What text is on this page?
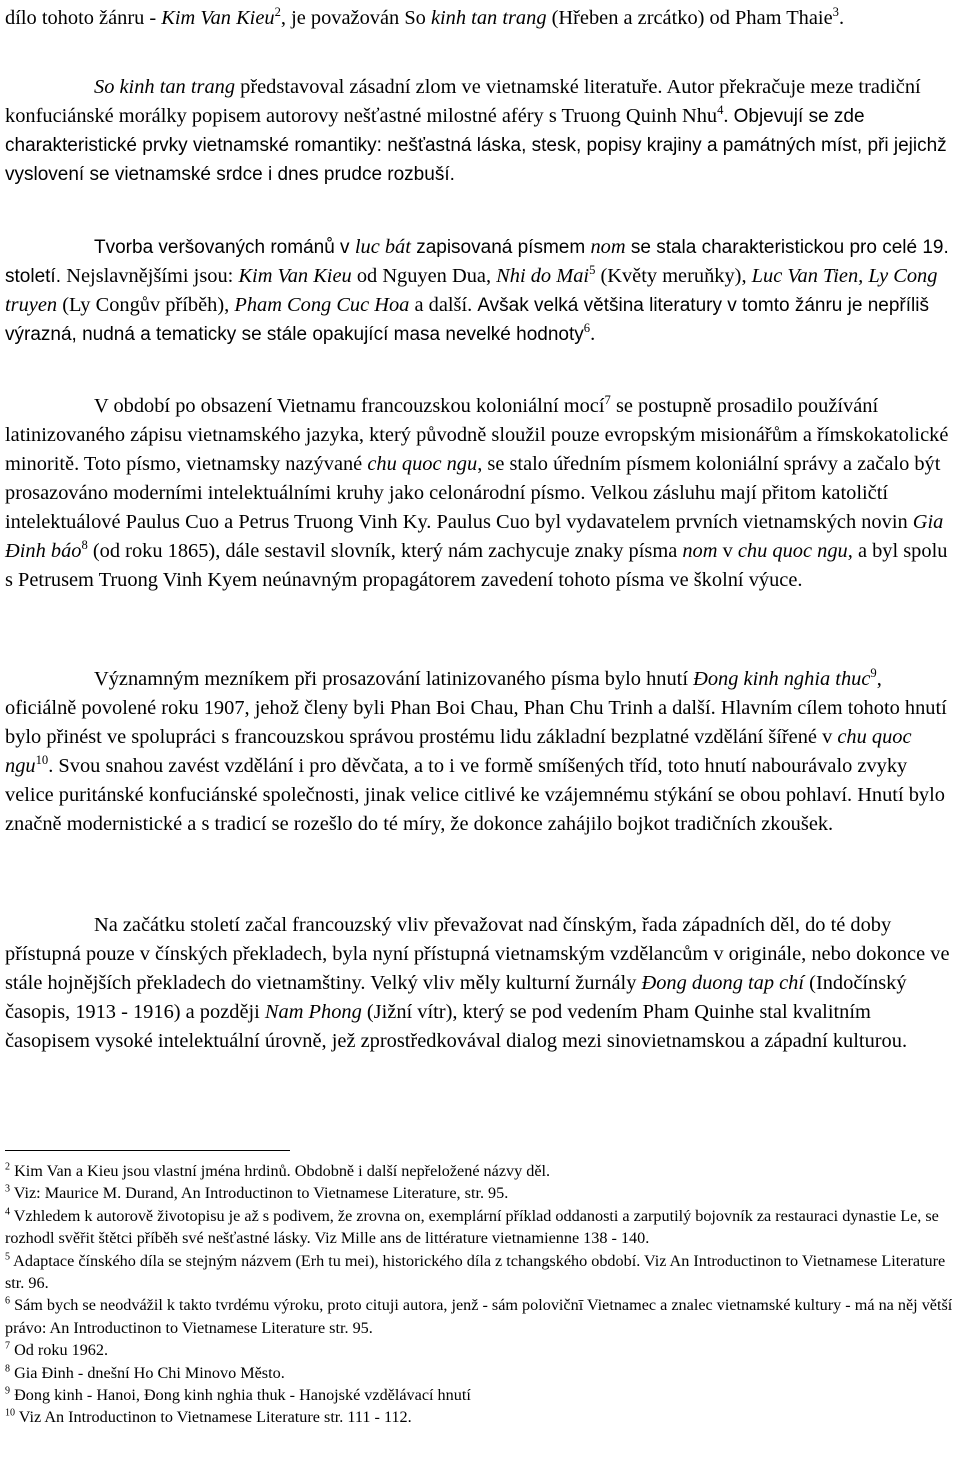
dílo tohoto žánru - Kim Van Kieu$^2$, je považován So kinh tan trang (Hřeben a zrcátko) od Pham Thaie$^3$.

So kinh tan trang představoval zásadní zlom ve vietnamské literatuře. Autor překračuje meze tradiční konfuciánské morálky popisem autorovy nešťastné milostné aféry s Truong Quinh Nhu$^4$. Objevují se zde charakteristické prvky vietnamské romantiky: nešťastná láska, stesk, popisy krajiny a památných míst, při jejichž vyslovení se vietnamské srdce i dnes prudce rozbuší.

Tvorba veršovaných románů v luc bát zapisovaná písmem nom se stala charakteristickou pro celé 19. století. Nejslavnějšími jsou: Kim Van Kieu od Nguyen Dua, Nhi do Mai$^5$ (Květy meruňky), Luc Van Tien, Ly Cong truyen (Ly Congův příběh), Pham Cong Cuc Hoa a další. Avšak velká většina literatury v tomto žánru je nepříliš výrazná, nudná a tematicky se stále opakující masa nevelké hodnoty$^6$.

V období po obsazení Vietnamu francouzskou koloniální mocí$^7$ se postupně prosadilo používání latinizovaného zápisu vietnamského jazyka, který původně sloužil pouze evropským misionářům a římskokatolické minoritě. Toto písmo, vietnamsky nazývané chu quoc ngu, se stalo úředním písmem koloniální správy a začalo být prosazováno moderními intelektuálními kruhy jako celonárodní písmo. Velkou zásluhu mají přitom katoličtí intelektuálové Paulus Cuo a Petrus Truong Vinh Ky. Paulus Cuo byl vydavatelem prvních vietnamských novin Gia Đinh báo$^8$ (od roku 1865), dále sestavil slovník, který nám zachycuje znaky písma nom v chu quoc ngu, a byl spolu s Petrusem Truong Vinh Kyem neúnavným propagátorem zavedení tohoto písma ve školní výuce.

Významným mezníkem při prosazování latinizovaného písma bylo hnutí Đong kinh nghia thuc$^9$, oficiálně povolené roku 1907, jehož členy byli Phan Boi Chau, Phan Chu Trinh a další. Hlavním cílem tohoto hnutí bylo přinést ve spolupráci s francouzskou správou prostému lidu základní bezplatné vzdělání šířené v chu quoc ngu$^{10}$. Svou snahou zavést vzdělání i pro děvčata, a to i ve formě smíšených tříd, toto hnutí nabourávalo zvyky velice puritánské konfuciánské společnosti, jinak velice citlivé ke vzájemnému stýkání se obou pohlaví. Hnutí bylo značně modernistické a s tradicí se rozešlo do té míry, že dokonce zahájilo bojkot tradičních zkoušek.

Na začátku století začal francouzský vliv převažovat nad čínským, řada západních děl, do té doby přístupná pouze v čínských překladech, byla nyní přístupná vietnamským vzdělancům v originále, nebo dokonce ve stále hojnějších překladech do vietnamštiny. Velký vliv měly kulturní žurnály Đong duong tap chí (Indočínský časopis, 1913 - 1916) a později Nam Phong (Jižní vítr), který se pod vedením Pham Quinhe stal kvalitním časopisem vysoké intelektuální úrovně, jež zprostředkovával dialog mezi sinovietnamskou a západní kulturou.

$^2$ Kim Van a Kieu jsou vlastní jména hrdinů. Obdobně i další nepřeložené názvy děl.

$^3$ Viz: Maurice M. Durand, An Introductinon to Vietnamese Literature, str. 95.

$^4$ Vzhledem k autorově životopisu je až s podivem, že zrovna on, exemplární příklad oddanosti a zarputilý bojovník za restauraci dynastie Le, se rozhodl svěřit štětci příběh své nešťastné lásky. Viz Mille ans de littérature vietnamienne 138 - 140.

$^5$ Adaptace čínského díla se stejným názvem (Erh tu mei), historického díla z tchangského období. Viz An Introductinon to Vietnamese Literature str. 96.

$^6$ Sám bych se neodvážil k takto tvrdému výroku, proto cituji autora, jenž - sám polovičnī Vietnamec a znalec vietnamské kultury - má na něj větší právo: An Introductinon to Vietnamese Literature str. 95.

$^7$ Od roku 1962.

$^8$ Gia Đinh - dnešní Ho Chi Minovo Město.

$^9$ Đong kinh - Hanoi, Đong kinh nghia thuk - Hanojské vzdělávací hnutí

$^{10}$ Viz An Introductinon to Vietnamese Literature str. 111 - 112.
